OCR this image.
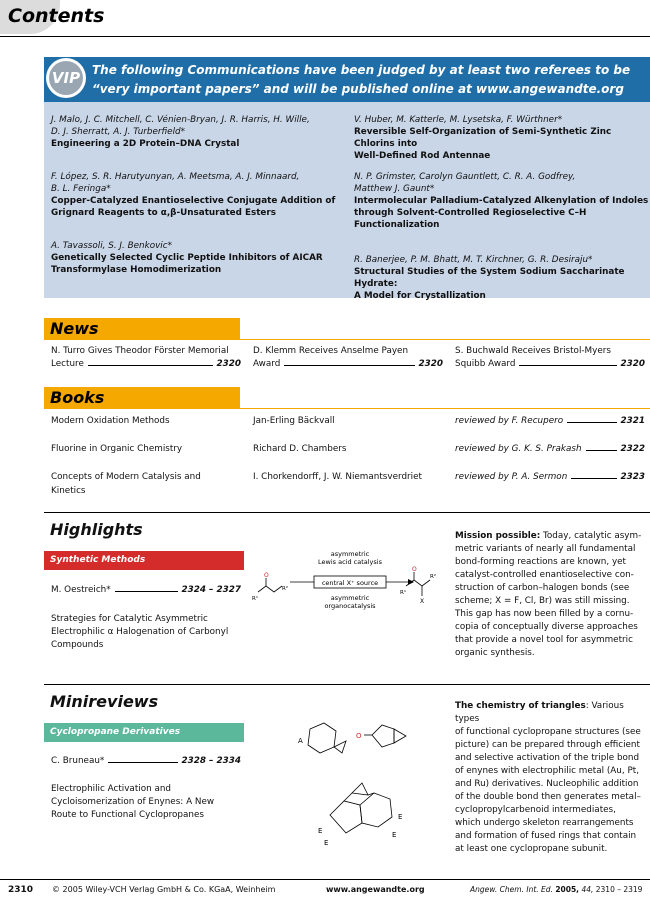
Contents
VIP The following Communications have been judged by at least two referees to be “very important papers” and will be published online at www.angewandte.org
J. Malo, J. C. Mitchell, C. Vénien-Bryan, J. R. Harris, H. Wille,
D. J. Sherratt, A. J. Turberfield*
Engineering a 2D Protein–DNA Crystal
F. López, S. R. Harutyunyan, A. Meetsma, A. J. Minnaard,
B. L. Feringa*
Copper-Catalyzed Enantioselective Conjugate Addition of
Grignard Reagents to α,β-Unsaturated Esters
A. Tavassoli, S. J. Benkovic*
Genetically Selected Cyclic Peptide Inhibitors of AICAR
Transformylase Homodimerization
V. Huber, M. Katterle, M. Lysetska, F. Würthner*
Reversible Self-Organization of Semi-Synthetic Zinc Chlorins into
Well-Defined Rod Antennae
N. P. Grimster, Carolyn Gauntlett, C. R. A. Godfrey,
Matthew J. Gaunt*
Intermolecular Palladium-Catalyzed Alkenylation of Indoles
through Solvent-Controlled Regioselective C–H
Functionalization
R. Banerjee, P. M. Bhatt, M. T. Kirchner, G. R. Desiraju*
Structural Studies of the System Sodium Saccharinate Hydrate:
A Model for Crystallization
News
N. Turro Gives Theodor Förster Memorial
Lecture	2320
D. Klemm Receives Anselme Payen
Award	2320
S. Buchwald Receives Bristol-Myers
Squibb Award	2320
Books
Modern Oxidation Methods	Jan-Erling Bäckvall	reviewed by F. Recupero	2321
Fluorine in Organic Chemistry	Richard D. Chambers	reviewed by G. K. S. Prakash	2322
Concepts of Modern Catalysis and
Kinetics
I. Chorkendorff, J. W. Niemantsverdriet	reviewed by P. A. Sermon	2323
Highlights
Synthetic Methods
M. Oestreich*	2324 – 2327
Strategies for Catalytic Asymmetric
Electrophilic α Halogenation of Carbonyl
Compounds
asymmetric
Lewis acid catalysis
central X⁺ source
asymmetric
organocatalysis
O
R¹
R²
O
X
R¹
R²
Mission possible: Today, catalytic asym-
metric variants of nearly all fundamental
bond-forming reactions are known, yet
catalyst-controlled enantioselective con-
struction of carbon–halogen bonds (see
scheme; X = F, Cl, Br) was still missing.
This gap has now been filled by a cornu-
copia of conceptually diverse approaches
that provide a novel tool for asymmetric
organic synthesis.
Minireviews
Cyclopropane Derivatives
C. Bruneau*	2328 – 2334
Electrophilic Activation and
Cycloisomerization of Enynes: A New
Route to Functional Cyclopropanes
A
O
E
E
E
E
The chemistry of triangles: Various types
of functional cyclopropane structures (see
picture) can be prepared through efficient
and selective activation of the triple bond
of enynes with electrophilic metal (Au, Pt,
and Ru) derivatives. Nucleophilic addition
of the double bond then generates metal–
cyclopropylcarbenoid intermediates,
which undergo skeleton rearrangements
and formation of fused rings that contain
at least one cyclopropane subunit.
2310 © 2005 Wiley-VCH Verlag GmbH & Co. KGaA, Weinheim	www.angewandte.org	Angew. Chem. Int. Ed. 2005, 44, 2310 – 2319
